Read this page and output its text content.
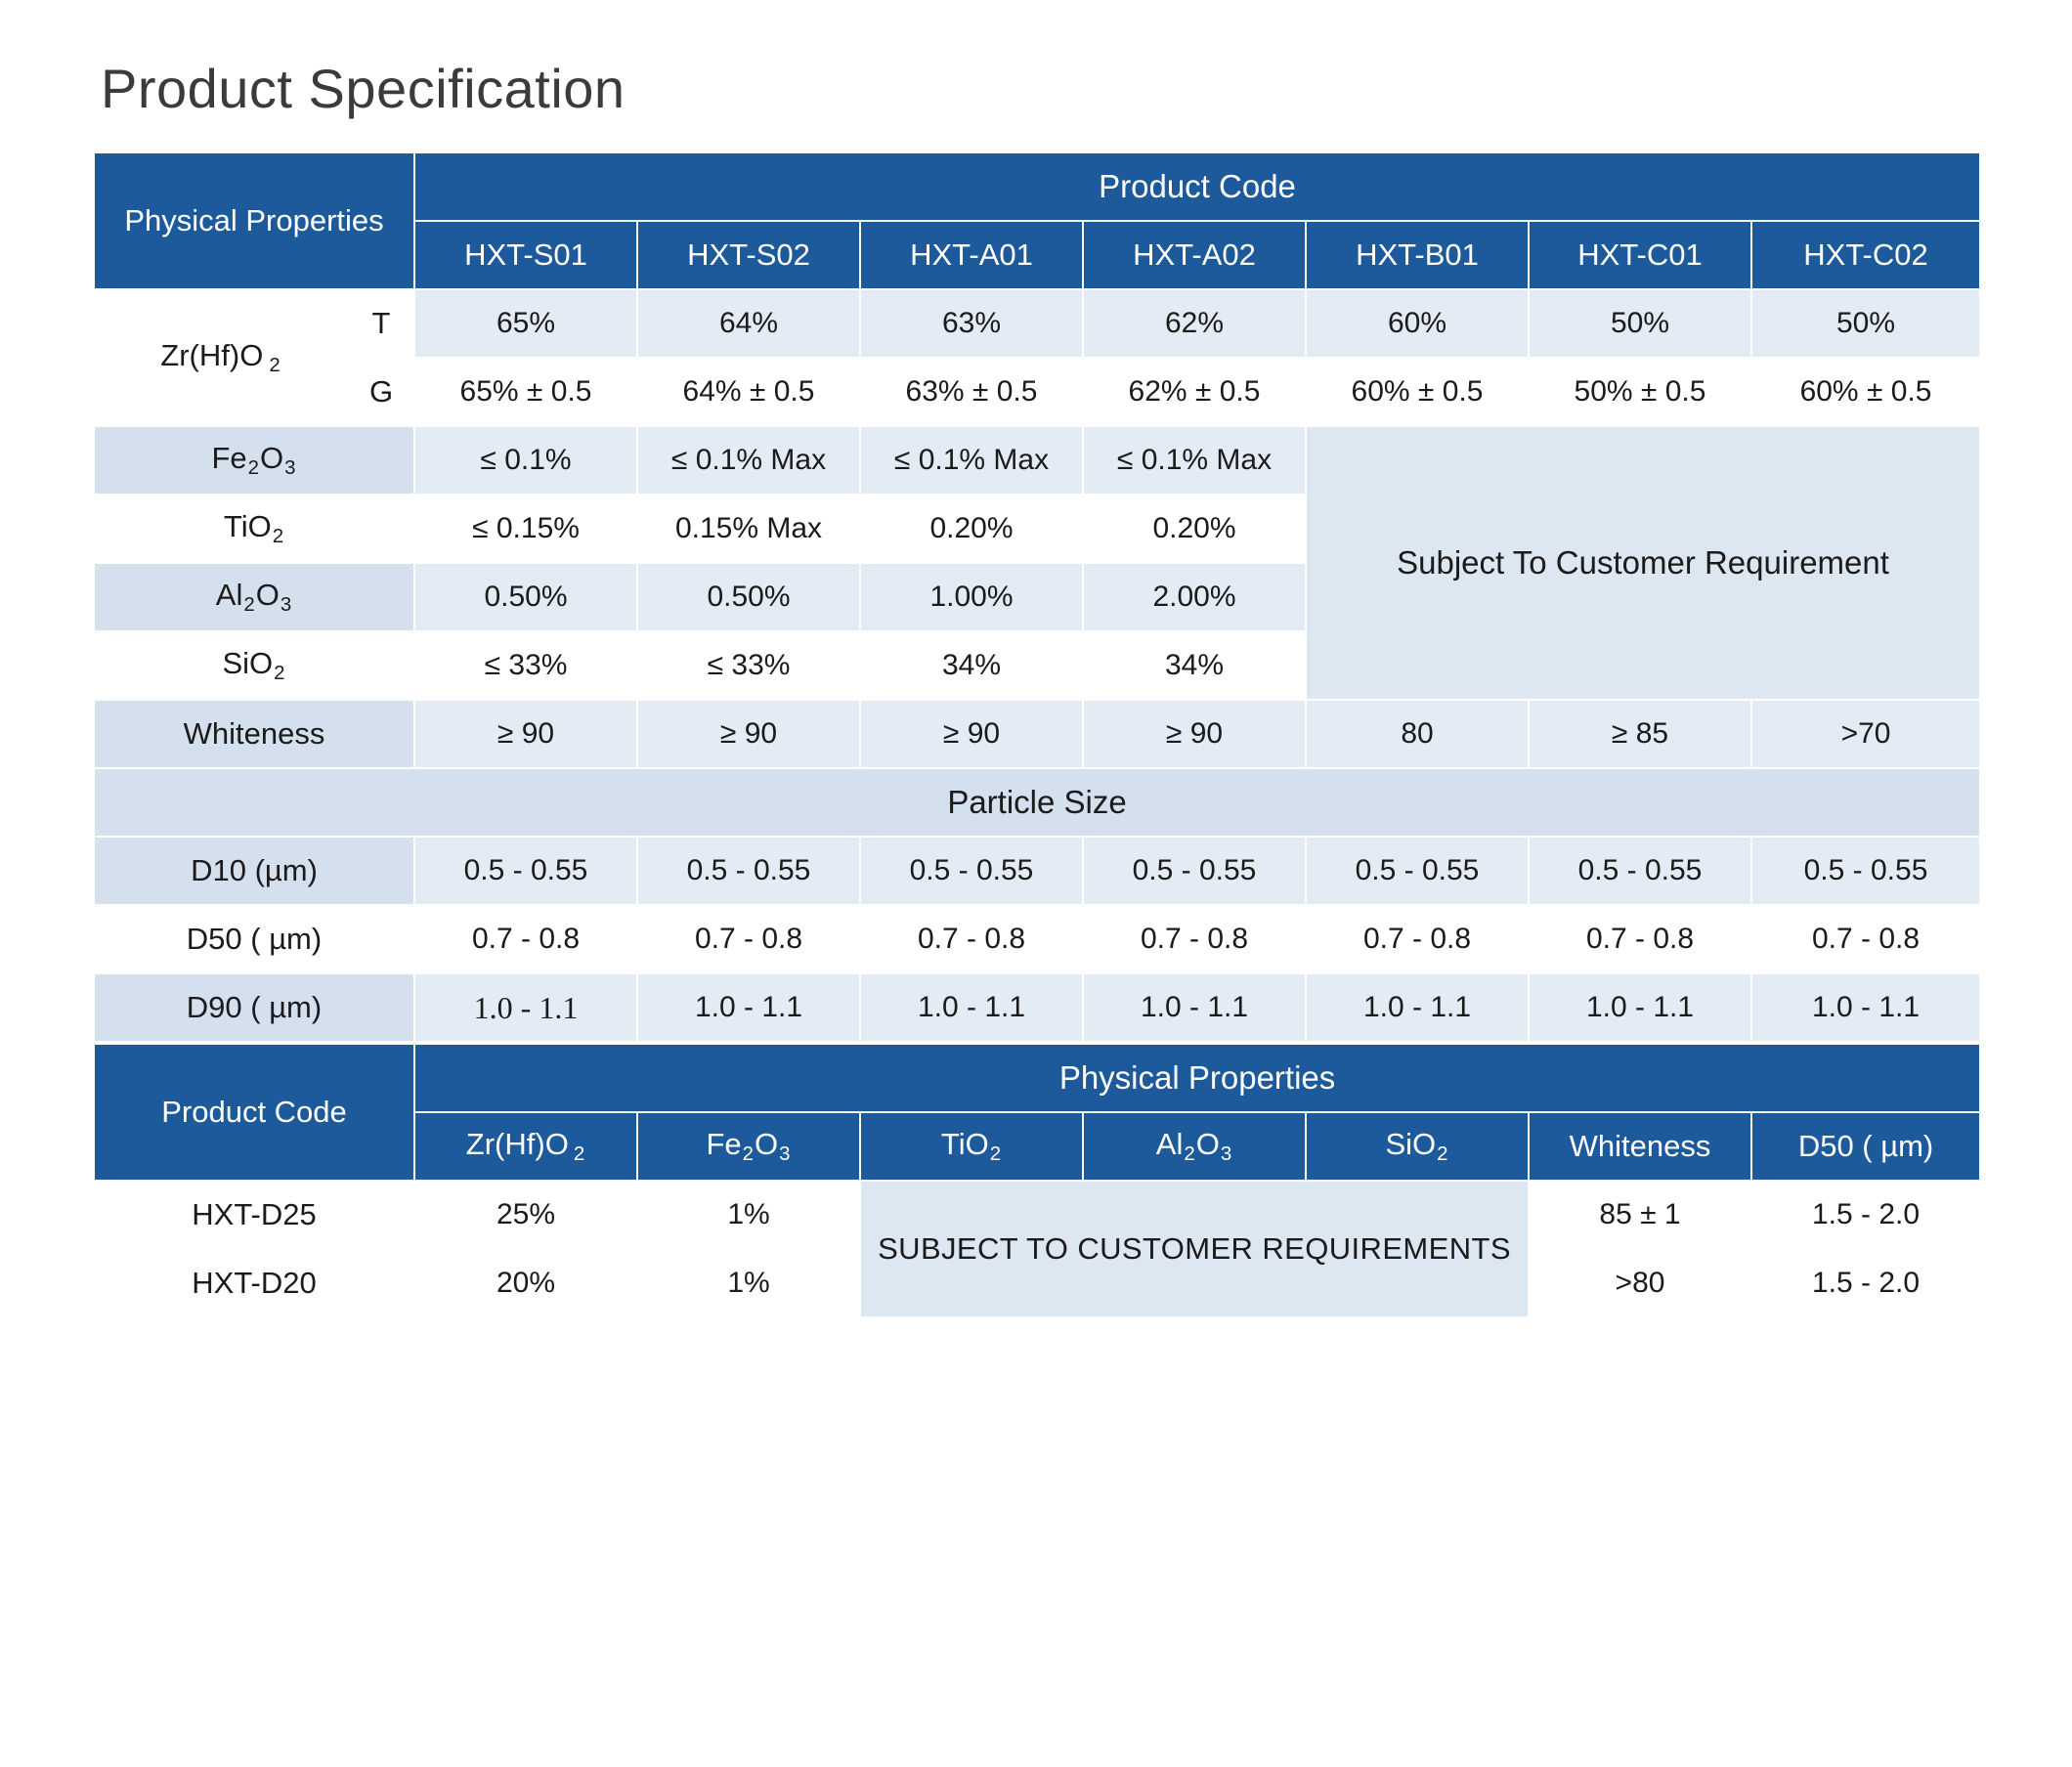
Product Specification
Physical Properties		Product Code						
		HXT-S01	HXT-S02	HXT-A01	HXT-A02	HXT-B01	HXT-C01	HXT-C02
Zr(Hf)O $_2$	T	65%	64%	63%	62%	60%	50%	50%
	G	65% ± 0.5	64% ± 0.5	63% ± 0.5	62% ± 0.5	60% ± 0.5	50% ± 0.5	60% ± 0.5
$Fe_2O_3$		≤ 0.1%	≤ 0.1% Max	≤ 0.1% Max	≤ 0.1% Max	Subject To Customer Requirement		
TiO$_2$		≤ 0.15%	0.15% Max	0.20%	0.20%			
$Al_2O_3$		0.50%	0.50%	1.00%	2.00%			
SiO$_2$		≤ 33%	≤ 33%	34%	34%			
Whiteness		≥ 90	≥ 90	≥ 90	≥ 90	80	≥ 85	>70
Particle Size								
D10 (µm)		0.5 - 0.55	0.5 - 0.55	0.5 - 0.55	0.5 - 0.55	0.5 - 0.55	0.5 - 0.55	0.5 - 0.55
D50 ( µm)		0.7 - 0.8	0.7 - 0.8	0.7 - 0.8	0.7 - 0.8	0.7 - 0.8	0.7 - 0.8	0.7 - 0.8
D90 ( µm)		1.0 - 1.1	1.0 - 1.1	1.0 - 1.1	1.0 - 1.1	1.0 - 1.1	1.0 - 1.1	1.0 - 1.1
Product Code	Physical Properties						
	Zr(Hf)O $_2$	$Fe_2O_3$	TiO$_2$	$Al_2O_3$	SiO$_2$	Whiteness	D50 ( µm)
HXT-D25	25%	1%	SUBJECT TO CUSTOMER REQUIREMENTS			85 ± 1	1.5 - 2.0
HXT-D20	20%	1%				>80	1.5 - 2.0
